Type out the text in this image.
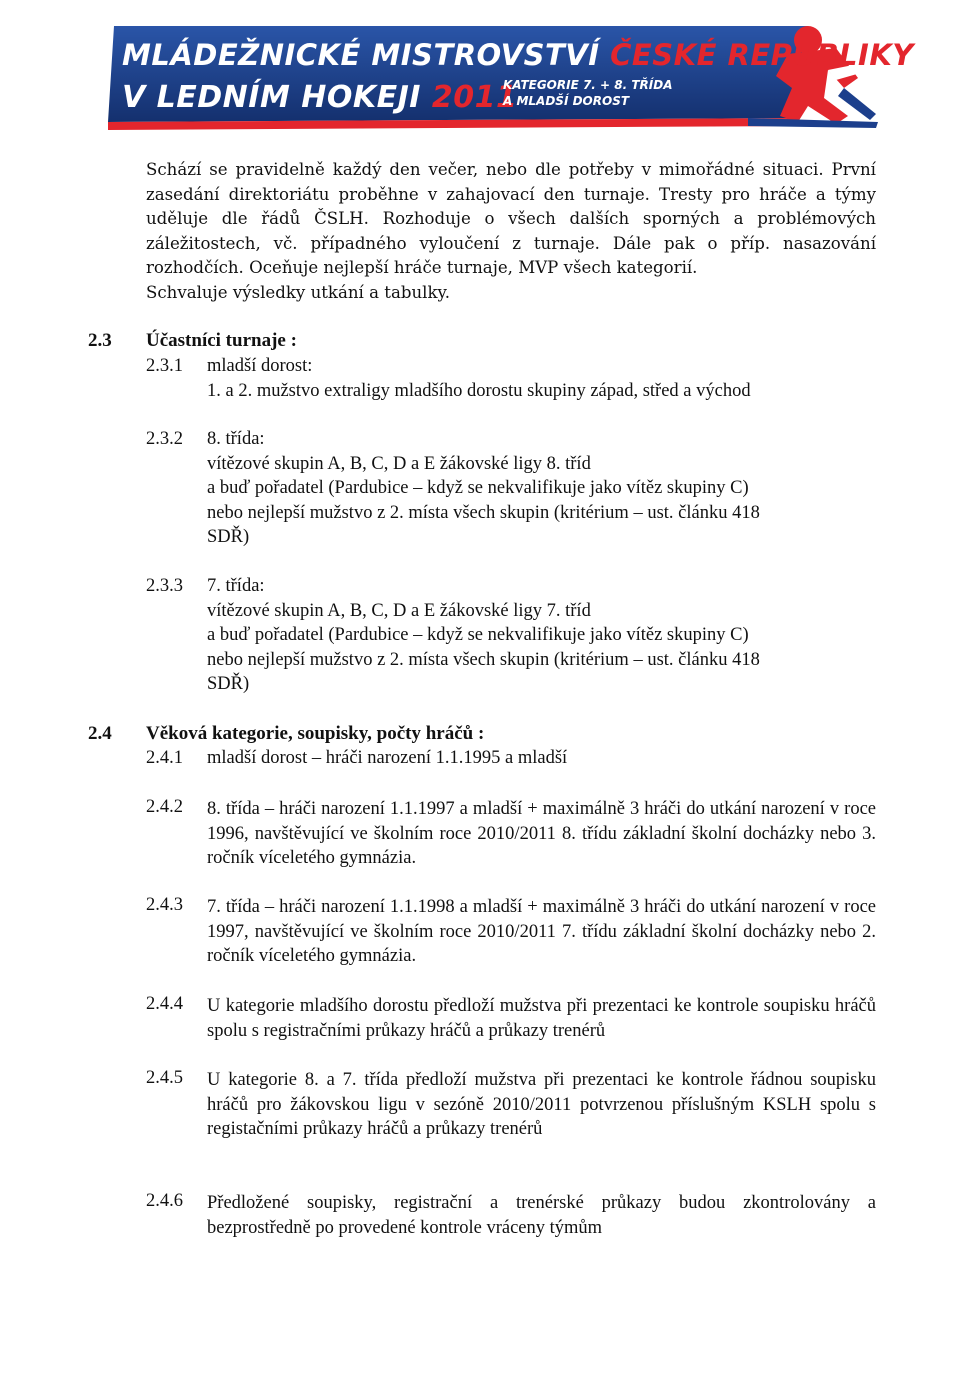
MLÁDEŽNICKÉ MISTROVSTVÍ ČESKÉ REPUBLIKY
V LEDNÍM HOKEJI 2011
KATEGORIE 7. + 8. TŘÍDA
A MLADŠÍ DOROST

Schází se pravidelně každý den večer, nebo dle potřeby v mimořádné situaci. První zasedání direktoriátu proběhne v zahajovací den turnaje. Tresty pro hráče a týmy uděluje dle řádů ČSLH. Rozhoduje o všech dalších sporných a problémových záležitostech, vč. případného vyloučení z turnaje. Dále pak o příp. nasazování rozhodčích. Oceňuje nejlepší hráče turnaje, MVP všech kategorií.
Schvaluje výsledky utkání a tabulky.

2.3 Účastníci turnaje :
2.3.1 mladší dorost:
1. a 2. mužstvo extraligy mladšího dorostu skupiny západ, střed a východ
2.3.2 8. třída:
vítězové skupin A, B, C, D a E žákovské ligy 8. tříd
a buď pořadatel (Pardubice – když se nekvalifikuje jako vítěz skupiny C)
nebo nejlepší mužstvo z 2. místa všech skupin (kritérium – ust. článku 418
SDŘ)
2.3.3 7. třída:
vítězové skupin A, B, C, D a E žákovské ligy 7. tříd
a buď pořadatel (Pardubice – když se nekvalifikuje jako vítěz skupiny C)
nebo nejlepší mužstvo z 2. místa všech skupin (kritérium – ust. článku 418
SDŘ)
2.4 Věková kategorie, soupisky, počty hráčů :
2.4.1 mladší dorost – hráči narození 1.1.1995 a mladší
2.4.2 8. třída – hráči narození 1.1.1997 a mladší + maximálně 3 hráči do utkání narození v roce 1996, navštěvující ve školním roce 2010/2011 8. třídu základní školní docházky nebo 3. ročník víceletého gymnázia.

2.4.3 7. třída – hráči narození 1.1.1998 a mladší + maximálně 3 hráči do utkání narození v roce 1997, navštěvující ve školním roce 2010/2011 7. třídu základní školní docházky nebo 2. ročník víceletého gymnázia.

2.4.4 U kategorie mladšího dorostu předloží mužstva při prezentaci ke kontrole soupisku hráčů spolu s registračními průkazy hráčů a průkazy trenérů

2.4.5 U kategorie 8. a 7. třída předloží mužstva při prezentaci ke kontrole řádnou soupisku hráčů pro žákovskou ligu v sezóně 2010/2011 potvrzenou příslušným KSLH spolu s registačními průkazy hráčů a průkazy trenérů

2.4.6 Předložené soupisky, registrační a trenérské průkazy budou zkontrolovány a bezprostředně po provedené kontrole vráceny týmům
